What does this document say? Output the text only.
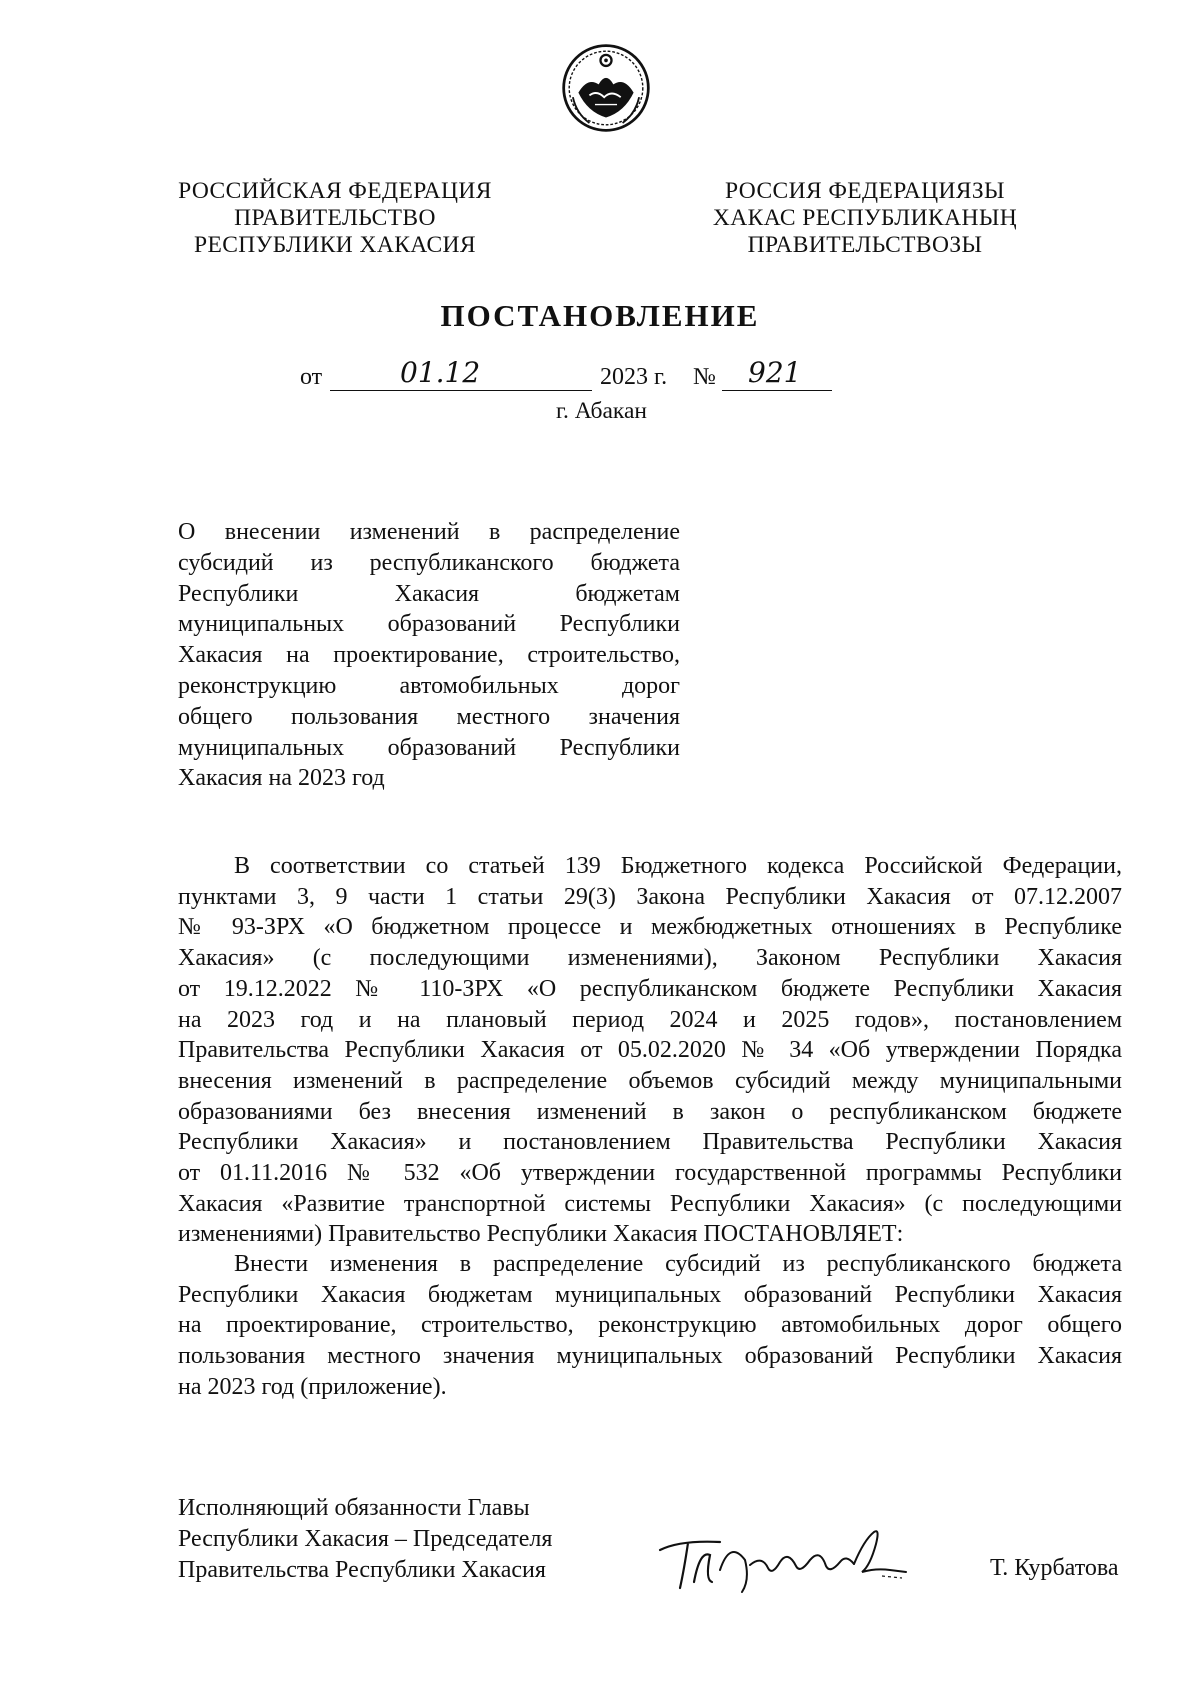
РОССИЙСКАЯ ФЕДЕРАЦИЯ
ПРАВИТЕЛЬСТВО
РЕСПУБЛИКИ ХАКАСИЯ
РОССИЯ ФЕДЕРАЦИЯЗЫ
ХАКАС РЕСПУБЛИКАНЫҢ
ПРАВИТЕЛЬСТВОЗЫ
ПОСТАНОВЛЕНИЕ
от	01.12	2023 г. № 921
г. Абакан
О внесении изменений в распределение
субсидий из республиканского бюджета
Республики Хакасия бюджетам
муниципальных образований Республики
Хакасия на проектирование, строительство,
реконструкцию автомобильных дорог
общего пользования местного значения
муниципальных образований Республики
Хакасия на 2023 год
В соответствии со статьей 139 Бюджетного кодекса Российской Федерации,
пунктами 3, 9 части 1 статьи 29(3) Закона Республики Хакасия от 07.12.2007
№ 93-ЗРХ «О бюджетном процессе и межбюджетных отношениях в Республике
Хакасия» (с последующими изменениями), Законом Республики Хакасия
от 19.12.2022 № 110-ЗРХ «О республиканском бюджете Республики Хакасия
на 2023 год и на плановый период 2024 и 2025 годов», постановлением
Правительства Республики Хакасия от 05.02.2020 № 34 «Об утверждении Порядка
внесения изменений в распределение объемов субсидий между муниципальными
образованиями без внесения изменений в закон о республиканском бюджете
Республики Хакасия» и постановлением Правительства Республики Хакасия
от 01.11.2016 № 532 «Об утверждении государственной программы Республики
Хакасия «Развитие транспортной системы Республики Хакасия» (с последующими
изменениями) Правительство Республики Хакасия ПОСТАНОВЛЯЕТ:
Внести изменения в распределение субсидий из республиканского бюджета
Республики Хакасия бюджетам муниципальных образований Республики Хакасия
на проектирование, строительство, реконструкцию автомобильных дорог общего
пользования местного значения муниципальных образований Республики Хакасия
на 2023 год (приложение).
Исполняющий обязанности Главы
Республики Хакасия – Председателя
Правительства Республики Хакасия	Т. Курбатова
